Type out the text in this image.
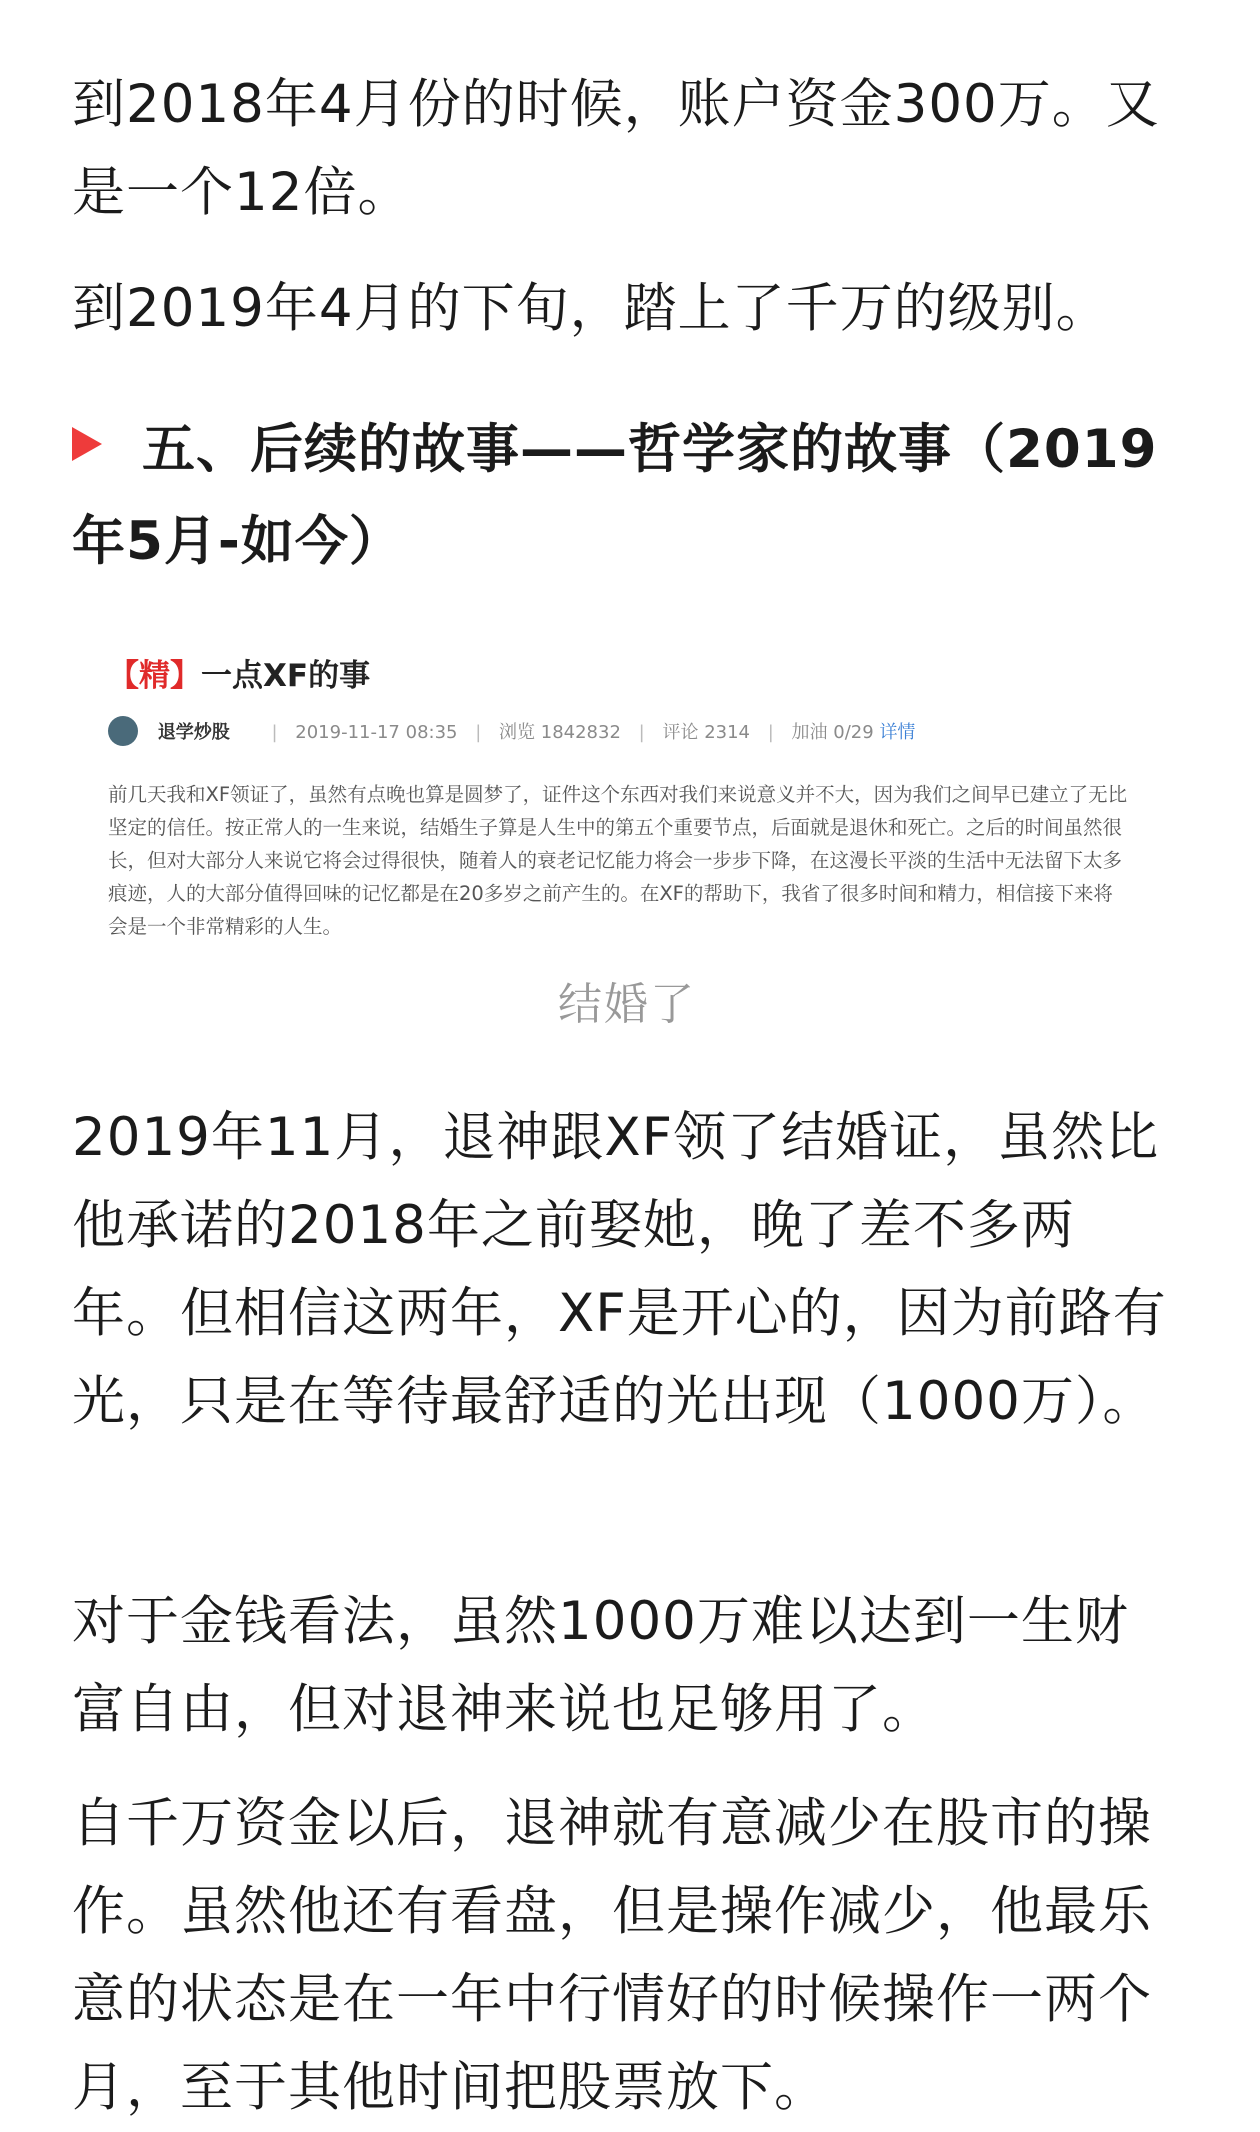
到2018年4月份的时候，账户资金300万。又是一个12倍。

到2019年4月的下旬，踏上了千万的级别。

五、后续的故事——哲学家的故事（2019年5月-如今）
【精】一点XF的事
退学炒股 | 2019-11-17 08:35 | 浏览 1842832 | 评论 2314 | 加油 0/29 详情
前几天我和XF领证了，虽然有点晚也算是圆梦了，证件这个东西对我们来说意义并不大，因为我们之间早已建立了无比坚定的信任。按正常人的一生来说，结婚生子算是人生中的第五个重要节点，后面就是退休和死亡。之后的时间虽然很长，但对大部分人来说它将会过得很快，随着人的衰老记忆能力将会一步步下降，在这漫长平淡的生活中无法留下太多痕迹，人的大部分值得回味的记忆都是在20多岁之前产生的。在XF的帮助下，我省了很多时间和精力，相信接下来将会是一个非常精彩的人生。
结婚了

2019年11月，退神跟XF领了结婚证，虽然比他承诺的2018年之前娶她，晚了差不多两年。但相信这两年，XF是开心的，因为前路有光，只是在等待最舒适的光出现（1000万）。

对于金钱看法，虽然1000万难以达到一生财富自由，但对退神来说也足够用了。

自千万资金以后，退神就有意减少在股市的操作。虽然他还有看盘，但是操作减少，他最乐意的状态是在一年中行情好的时候操作一两个月，至于其他时间把股票放下。
